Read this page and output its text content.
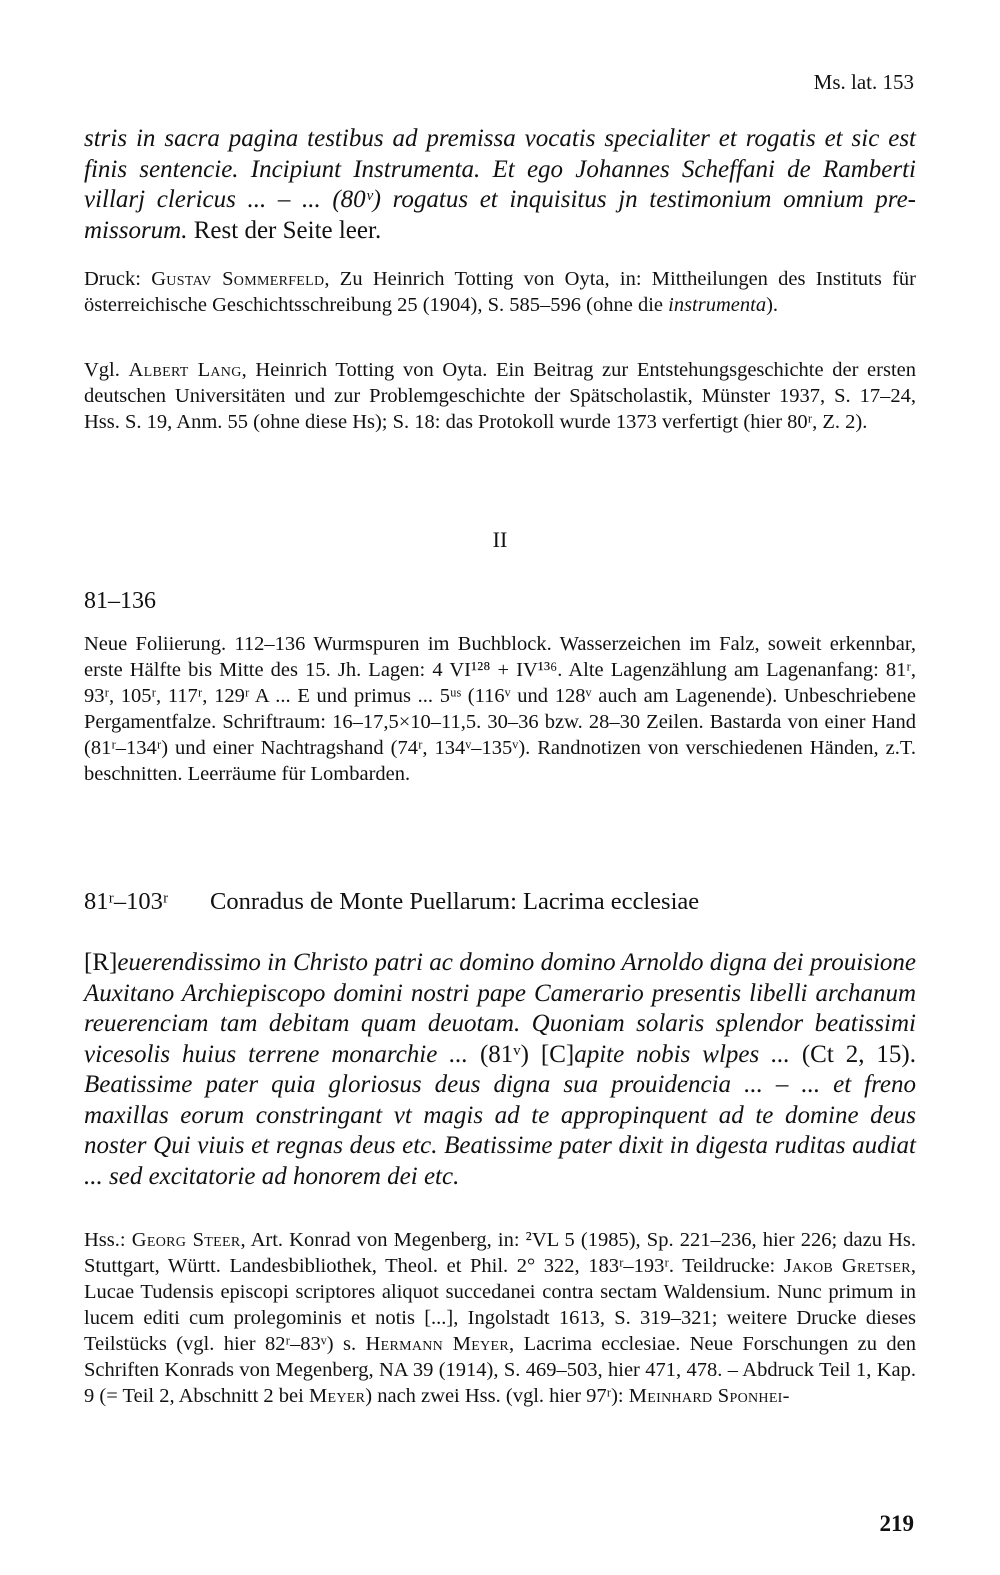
Ms. lat. 153
stris in sacra pagina testibus ad premissa vocatis specialiter et rogatis et sic est
finis sentencie. Incipiunt Instrumenta. Et ego Johannes Scheffani de Ramberti
villarj clericus ... – ... (80ᵛ) rogatus et inquisitus jn testimonium omnium pre-
missorum. Rest der Seite leer.
Druck: Gustav Sommerfeld, Zu Heinrich Totting von Oyta, in: Mittheilungen des Instituts für österreichische Geschichtsschreibung 25 (1904), S. 585–596 (ohne die instrumenta).
Vgl. Albert Lang, Heinrich Totting von Oyta. Ein Beitrag zur Entstehungsgeschichte der ersten deutschen Universitäten und zur Problemgeschichte der Spätscholastik, Münster 1937, S. 17–24, Hss. S. 19, Anm. 55 (ohne diese Hs); S. 18: das Protokoll wurde 1373 verfertigt (hier 80ʳ, Z. 2).
II
81–136
Neue Foliierung. 112–136 Wurmspuren im Buchblock. Wasserzeichen im Falz, soweit erkennbar, erste Hälfte bis Mitte des 15. Jh. Lagen: 4 VI¹²⁸ + IV¹³⁶. Alte Lagenzählung am Lagenanfang: 81ʳ, 93ʳ, 105ʳ, 117ʳ, 129ʳ A ... E und primus ... 5ᵘˢ (116ᵛ und 128ᵛ auch am Lagenende). Unbeschriebene Pergamentfalze. Schriftraum: 16–17,5×10–11,5. 30–36 bzw. 28–30 Zeilen. Bastarda von einer Hand (81ʳ–134ʳ) und einer Nachtragshand (74ʳ, 134ᵛ–135ᵛ). Randnotizen von verschiedenen Händen, z.T. beschnitten. Leerräume für Lombarden.
81ʳ–103ʳ Conradus de Monte Puellarum: Lacrima ecclesiae
[R]euerendissimo in Christo patri ac domino domino Arnoldo digna dei prouisione Auxitano Archiepiscopo domini nostri pape Camerario presentis libelli archanum reuerenciam tam debitam quam deuotam. Quoniam solaris splendor beatissimi vicesolis huius terrene monarchie ... (81ᵛ) [C]apite nobis wlpes ... (Ct 2, 15). Beatissime pater quia gloriosus deus digna sua prouidencia ... – ... et freno maxillas eorum constringant vt magis ad te appropinquent ad te domine deus noster Qui viuis et regnas deus etc. Beatissime pater dixit in digesta ruditas audiat ... sed excitatorie ad honorem dei etc.
Hss.: Georg Steer, Art. Konrad von Megenberg, in: ²VL 5 (1985), Sp. 221–236, hier 226; dazu Hs. Stuttgart, Württ. Landesbibliothek, Theol. et Phil. 2° 322, 183ʳ–193ʳ. Teildrucke: Jakob Gretser, Lucae Tudensis episcopi scriptores aliquot succedanei contra sectam Waldensium. Nunc primum in lucem editi cum prolegominis et notis [...], Ingolstadt 1613, S. 319–321; weitere Drucke dieses Teilstücks (vgl. hier 82ʳ–83ᵛ) s. Hermann Meyer, Lacrima ecclesiae. Neue Forschungen zu den Schriften Konrads von Megenberg, NA 39 (1914), S. 469–503, hier 471, 478. – Abdruck Teil 1, Kap. 9 (= Teil 2, Abschnitt 2 bei Meyer) nach zwei Hss. (vgl. hier 97ʳ): Meinhard Sponhei-
219
